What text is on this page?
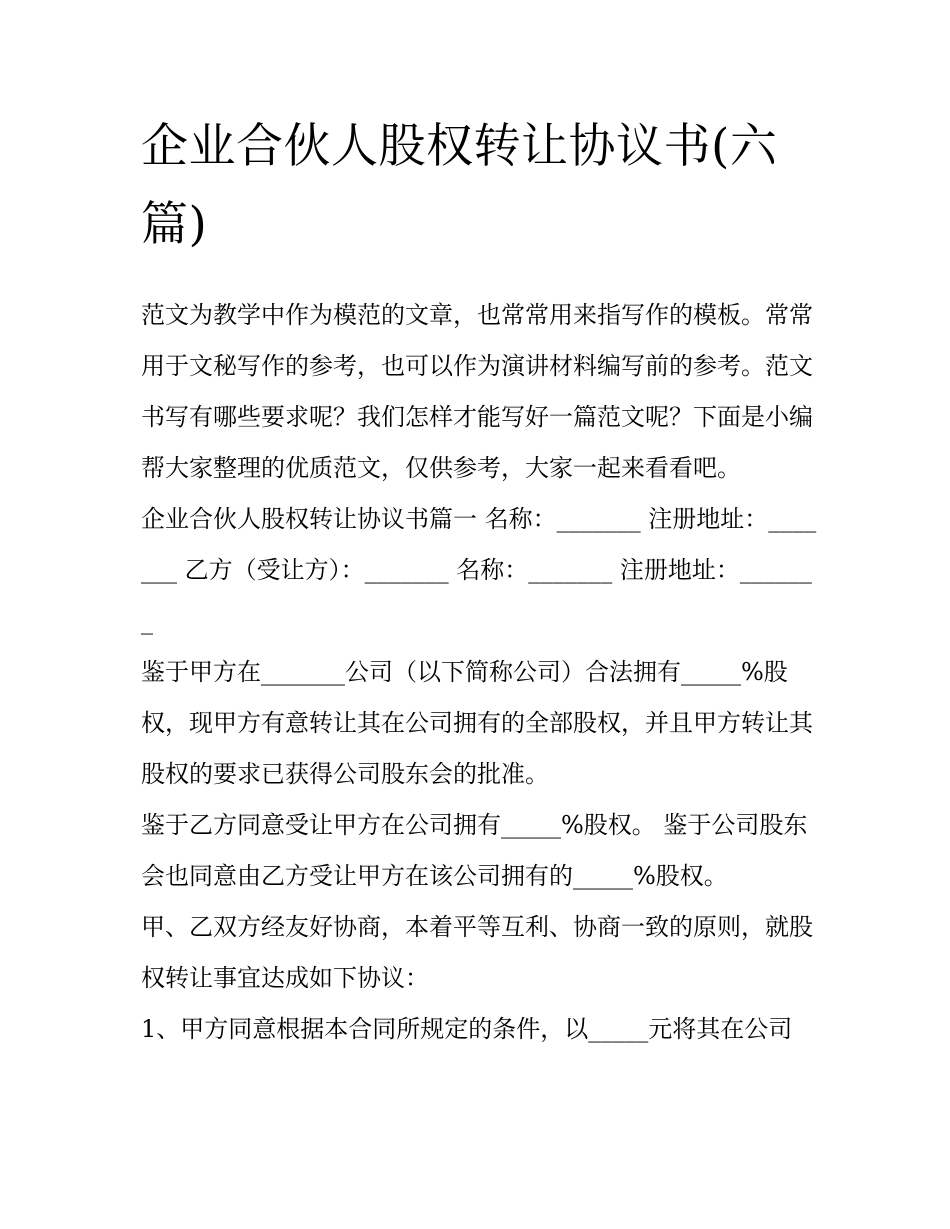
企业合伙人股权转让协议书(六篇)

范文为教学中作为模范的文章，也常常用来指写作的模板。常常用于文秘写作的参考，也可以作为演讲材料编写前的参考。范文书写有哪些要求呢？我们怎样才能写好一篇范文呢？下面是小编帮大家整理的优质范文，仅供参考，大家一起来看看吧。

企业合伙人股权转让协议书篇一 名称：_______ 注册地址：_______ 乙方（受让方）：_______ 名称：_______ 注册地址：_______

鉴于甲方在_______公司（以下简称公司）合法拥有_____%股权，现甲方有意转让其在公司拥有的全部股权，并且甲方转让其股权的要求已获得公司股东会的批准。

鉴于乙方同意受让甲方在公司拥有_____%股权。 鉴于公司股东会也同意由乙方受让甲方在该公司拥有的_____%股权。

甲、乙双方经友好协商，本着平等互利、协商一致的原则，就股权转让事宜达成如下协议：

1、甲方同意根据本合同所规定的条件，以_____元将其在公司
